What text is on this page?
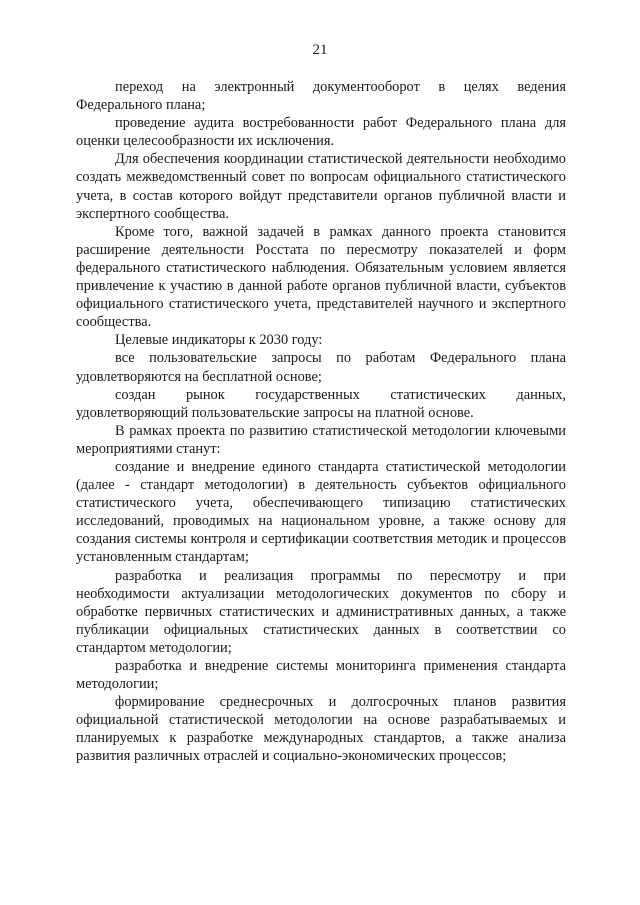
21

переход на электронный документооборот в целях ведения Федерального плана;

проведение аудита востребованности работ Федерального плана для оценки целесообразности их исключения.

Для обеспечения координации статистической деятельности необходимо создать межведомственный совет по вопросам официального статистического учета, в состав которого войдут представители органов публичной власти и экспертного сообщества.

Кроме того, важной задачей в рамках данного проекта становится расширение деятельности Росстата по пересмотру показателей и форм федерального статистического наблюдения. Обязательным условием является привлечение к участию в данной работе органов публичной власти, субъектов официального статистического учета, представителей научного и экспертного сообщества.

Целевые индикаторы к 2030 году:

все пользовательские запросы по работам Федерального плана удовлетворяются на бесплатной основе;

создан рынок государственных статистических данных, удовлетворяющий пользовательские запросы на платной основе.

В рамках проекта по развитию статистической методологии ключевыми мероприятиями станут:

создание и внедрение единого стандарта статистической методологии (далее - стандарт методологии) в деятельность субъектов официального статистического учета, обеспечивающего типизацию статистических исследований, проводимых на национальном уровне, а также основу для создания системы контроля и сертификации соответствия методик и процессов установленным стандартам;

разработка и реализация программы по пересмотру и при необходимости актуализации методологических документов по сбору и обработке первичных статистических и административных данных, а также публикации официальных статистических данных в соответствии со стандартом методологии;

разработка и внедрение системы мониторинга применения стандарта методологии;

формирование среднесрочных и долгосрочных планов развития официальной статистической методологии на основе разрабатываемых и планируемых к разработке международных стандартов, а также анализа развития различных отраслей и социально-экономических процессов;
